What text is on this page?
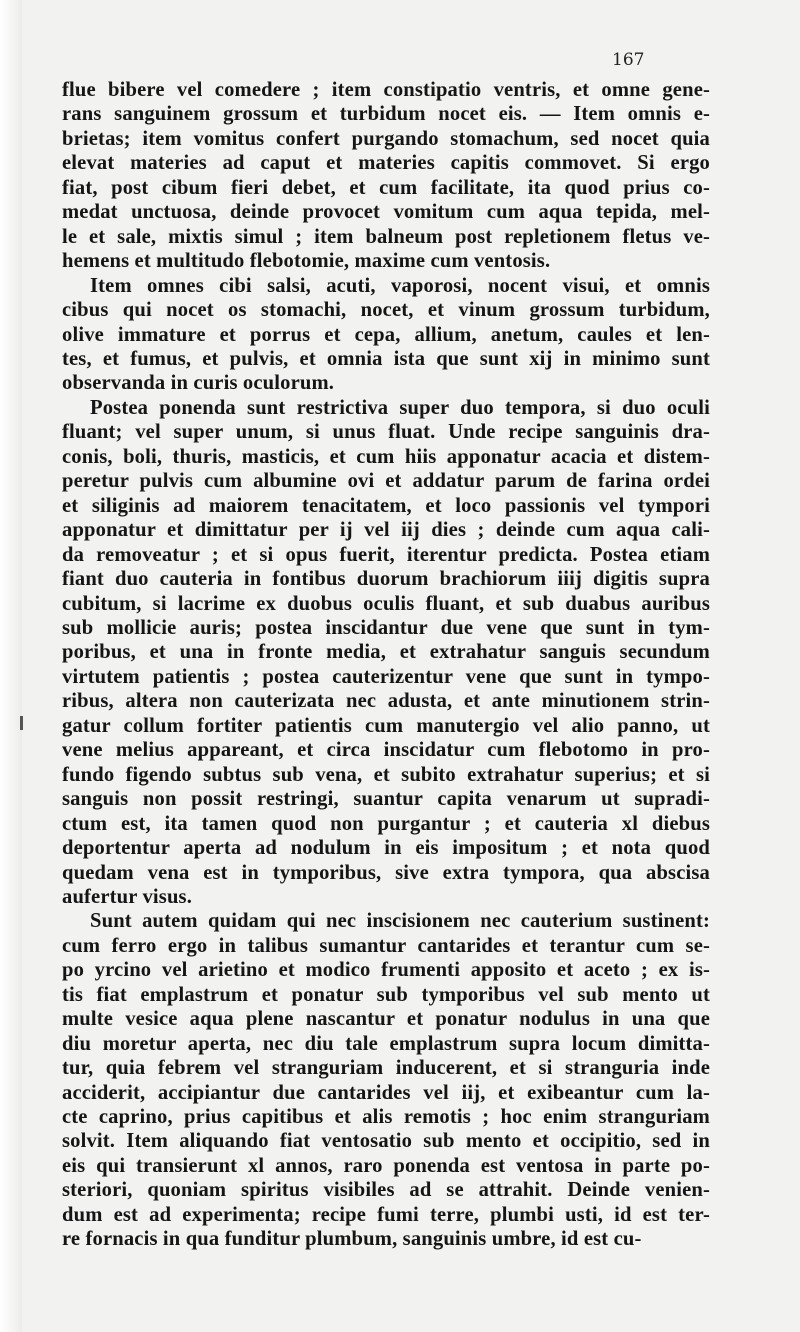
167
flue bibere vel comedere ; item constipatio ventris, et omne gene-
rans sanguinem grossum et turbidum nocet eis. — Item omnis e-
brietas; item vomitus confert purgando stomachum, sed nocet quia
elevat materies ad caput et materies capitis commovet. Si ergo
fiat, post cibum fieri debet, et cum facilitate, ita quod prius co-
medat unctuosa, deinde provocet vomitum cum aqua tepida, mel-
le et sale, mixtis simul ; item balneum post repletionem fletus ve-
hemens et multitudo flebotomie, maxime cum ventosis.
Item omnes cibi salsi, acuti, vaporosi, nocent visui, et omnis
cibus qui nocet os stomachi, nocet, et vinum grossum turbidum,
olive immature et porrus et cepa, allium, anetum, caules et len-
tes, et fumus, et pulvis, et omnia ista que sunt xij in minimo sunt
observanda in curis oculorum.
Postea ponenda sunt restrictiva super duo tempora, si duo oculi
fluant; vel super unum, si unus fluat. Unde recipe sanguinis dra-
conis, boli, thuris, masticis, et cum hiis apponatur acacia et distem-
peretur pulvis cum albumine ovi et addatur parum de farina ordei
et siliginis ad maiorem tenacitatem, et loco passionis vel tympori
apponatur et dimittatur per ij vel iij dies ; deinde cum aqua cali-
da removeatur ; et si opus fuerit, iterentur predicta. Postea etiam
fiant duo cauteria in fontibus duorum brachiorum iiij digitis supra
cubitum, si lacrime ex duobus oculis fluant, et sub duabus auribus
sub mollicie auris; postea inscidantur due vene que sunt in tym-
poribus, et una in fronte media, et extrahatur sanguis secundum
virtutem patientis ; postea cauterizentur vene que sunt in tympo-
ribus, altera non cauterizata nec adusta, et ante minutionem strin-
gatur collum fortiter patientis cum manutergio vel alio panno, ut
vene melius appareant, et circa inscidatur cum flebotomo in pro-
fundo figendo subtus sub vena, et subito extrahatur superius; et si
sanguis non possit restringi, suantur capita venarum ut supradi-
ctum est, ita tamen quod non purgantur ; et cauteria xl diebus
deportentur aperta ad nodulum in eis impositum ; et nota quod
quedam vena est in tymporibus, sive extra tympora, qua abscisa
aufertur visus.
Sunt autem quidam qui nec inscisionem nec cauterium sustinent:
cum ferro ergo in talibus sumantur cantarides et terantur cum se-
po yrcino vel arietino et modico frumenti apposito et aceto ; ex is-
tis fiat emplastrum et ponatur sub tymporibus vel sub mento ut
multe vesice aqua plene nascantur et ponatur nodulus in una que
diu moretur aperta, nec diu tale emplastrum supra locum dimitta-
tur, quia febrem vel stranguriam inducerent, et si stranguria inde
acciderit, accipiantur due cantarides vel iij, et exibeantur cum la-
cte caprino, prius capitibus et alis remotis ; hoc enim stranguriam
solvit. Item aliquando fiat ventosatio sub mento et occipitio, sed in
eis qui transierunt xl annos, raro ponenda est ventosa in parte po-
steriori, quoniam spiritus visibiles ad se attrahit. Deinde venien-
dum est ad experimenta; recipe fumi terre, plumbi usti, id est ter-
re fornacis in qua funditur plumbum, sanguinis umbre, id est cu-
